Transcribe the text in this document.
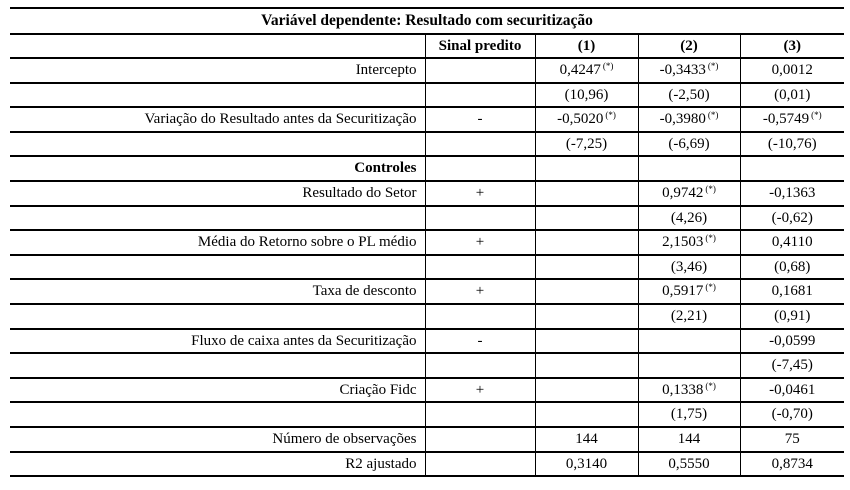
Variável dependente: Resultado com securitização				
	Sinal predito	(1)	(2)	(3)
Intercepto		0,4247 (*)	-0,3433 (*)	0,0012
		(10,96)	(-2,50)	(0,01)
Variação do Resultado antes da Securitização	-	-0,5020 (*)	-0,3980 (*)	-0,5749 (*)
		(-7,25)	(-6,69)	(-10,76)
Controles				
Resultado do Setor	+		0,9742 (*)	-0,1363
			(4,26)	(-0,62)
Média do Retorno sobre o PL médio	+		2,1503 (*)	0,4110
			(3,46)	(0,68)
Taxa de desconto	+		0,5917 (*)	0,1681
			(2,21)	(0,91)
Fluxo de caixa antes da Securitização	-			-0,0599
				(-7,45)
Criação Fidc	+		0,1338 (*)	-0,0461
			(1,75)	(-0,70)
Número de observações		144	144	75
R2 ajustado		0,3140	0,5550	0,8734
